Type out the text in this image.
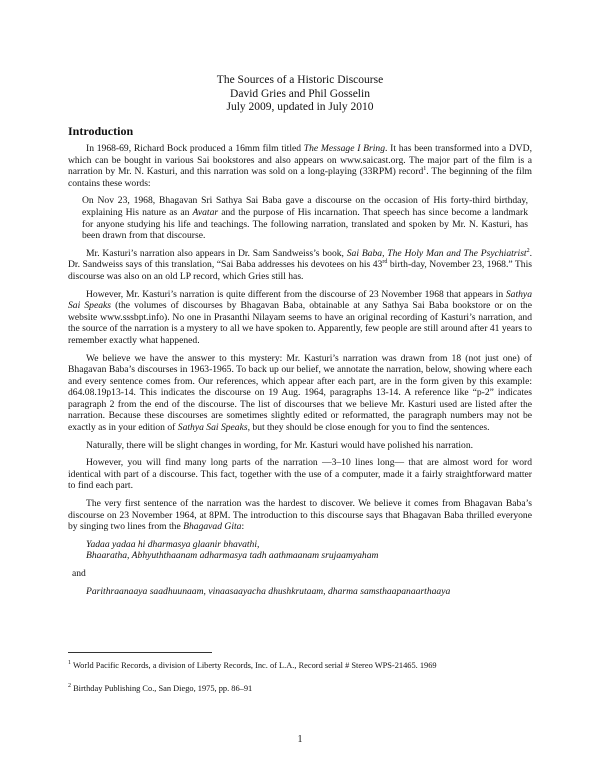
The Sources of a Historic Discourse
David Gries and Phil Gosselin
July 2009, updated in July 2010
Introduction

In 1968-69, Richard Bock produced a 16mm film titled The Message I Bring. It has been transformed into a DVD, which can be bought in various Sai bookstores and also appears on www.saicast.org. The major part of the film is a narration by Mr. N. Kasturi, and this narration was sold on a long-playing (33RPM) record$^1$. The beginning of the film contains these words:

On Nov 23, 1968, Bhagavan Sri Sathya Sai Baba gave a discourse on the occasion of His forty-third birthday, explaining His nature as an Avatar and the purpose of His incarnation. That speech has since become a landmark for anyone studying his life and teachings. The following narration, translated and spoken by Mr. N. Kasturi, has been drawn from that discourse.

Mr. Kasturi’s narration also appears in Dr. Sam Sandweiss’s book, Sai Baba, The Holy Man and The Psychiatrist$^2$. Dr. Sandweiss says of this translation, “Sai Baba addresses his devotees on his 43rd birth-day, November 23, 1968.” This discourse was also on an old LP record, which Gries still has.

However, Mr. Kasturi’s narration is quite different from the discourse of 23 November 1968 that appears in Sathya Sai Speaks (the volumes of discourses by Bhagavan Baba, obtainable at any Sathya Sai Baba bookstore or on the website www.sssbpt.info). No one in Prasanthi Nilayam seems to have an original recording of Kasturi’s narration, and the source of the narration is a mystery to all we have spoken to. Apparently, few people are still around after 41 years to remember exactly what happened.

We believe we have the answer to this mystery: Mr. Kasturi’s narration was drawn from 18 (not just one) of Bhagavan Baba’s discourses in 1963-1965. To back up our belief, we annotate the narration, below, showing where each and every sentence comes from. Our references, which appear after each part, are in the form given by this example: d64.08.19p13-14. This indicates the discourse on 19 Aug. 1964, paragraphs 13-14. A reference like “p-2” indicates paragraph 2 from the end of the discourse. The list of discourses that we believe Mr. Kasturi used are listed after the narration. Because these discourses are sometimes slightly edited or reformatted, the paragraph numbers may not be exactly as in your edition of Sathya Sai Speaks, but they should be close enough for you to find the sentences.

Naturally, there will be slight changes in wording, for Mr. Kasturi would have polished his narration.

However, you will find many long parts of the narration —3–10 lines long— that are almost word for word identical with part of a discourse. This fact, together with the use of a computer, made it a fairly straightforward matter to find each part.

The very first sentence of the narration was the hardest to discover. We believe it comes from Bhagavan Baba’s discourse on 23 November 1964, at 8PM. The introduction to this discourse says that Bhagavan Baba thrilled everyone by singing two lines from the Bhagavad Gita:

Yadaa yadaa hi dharmasya glaanir bhavathi,

Bhaaratha, Abhyuththaanam adharmasya tadh aathmaanam srujaamyaham

and

Parithraanaaya saadhuunaam, vinaasaayacha dhushkrutaam, dharma samsthaapanaarthaaya

$^1$ World Pacific Records, a division of Liberty Records, Inc. of L.A., Record serial # Stereo WPS-21465. 1969
$^2$ Birthday Publishing Co., San Diego, 1975, pp. 86–91
1
